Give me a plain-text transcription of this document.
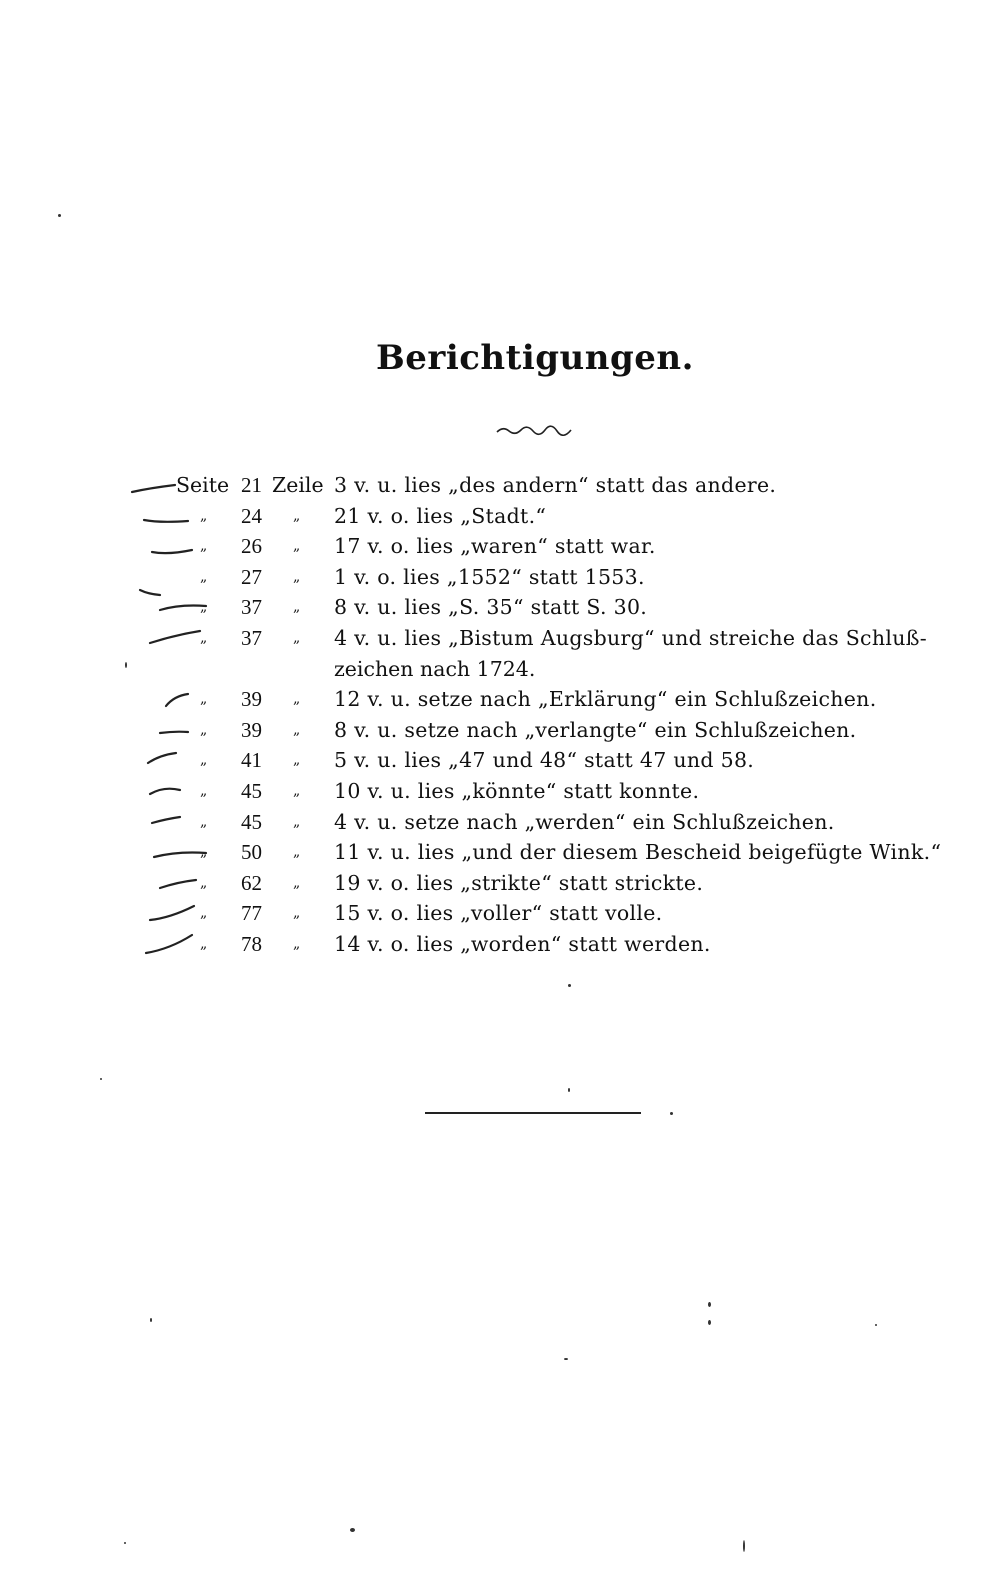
Berichtigungen.
Seite 21 Zeile 3 v. u. lies „des andern“ statt das andere.
„	24 „ 21 v. o. lies „Stadt.“
„	26 „ 17 v. o. lies „waren“ statt war.
„	27 „ 1 v. o. lies „1552“ statt 1553.
„	37 „ 8 v. u. lies „S. 35“ statt S. 30.
„	37 „ 4 v. u. lies „Bistum Augsburg“ und streiche das Schluß-
zeichen nach 1724.
„	39 „ 12 v. u. setze nach „Erklärung“ ein Schlußzeichen.
„	39 „ 8 v. u. setze nach „verlangte“ ein Schlußzeichen.
„	41 „ 5 v. u. lies „47 und 48“ statt 47 und 58.
„	45 „ 10 v. u. lies „könnte“ statt konnte.
„	45 „ 4 v. u. setze nach „werden“ ein Schlußzeichen.
„	50 „ 11 v. u. lies „und der diesem Bescheid beigefügte Wink.“
„	62 „ 19 v. o. lies „strikte“ statt strickte.
„	77 „ 15 v. o. lies „voller“ statt volle.
„	78 „ 14 v. o. lies „worden“ statt werden.
